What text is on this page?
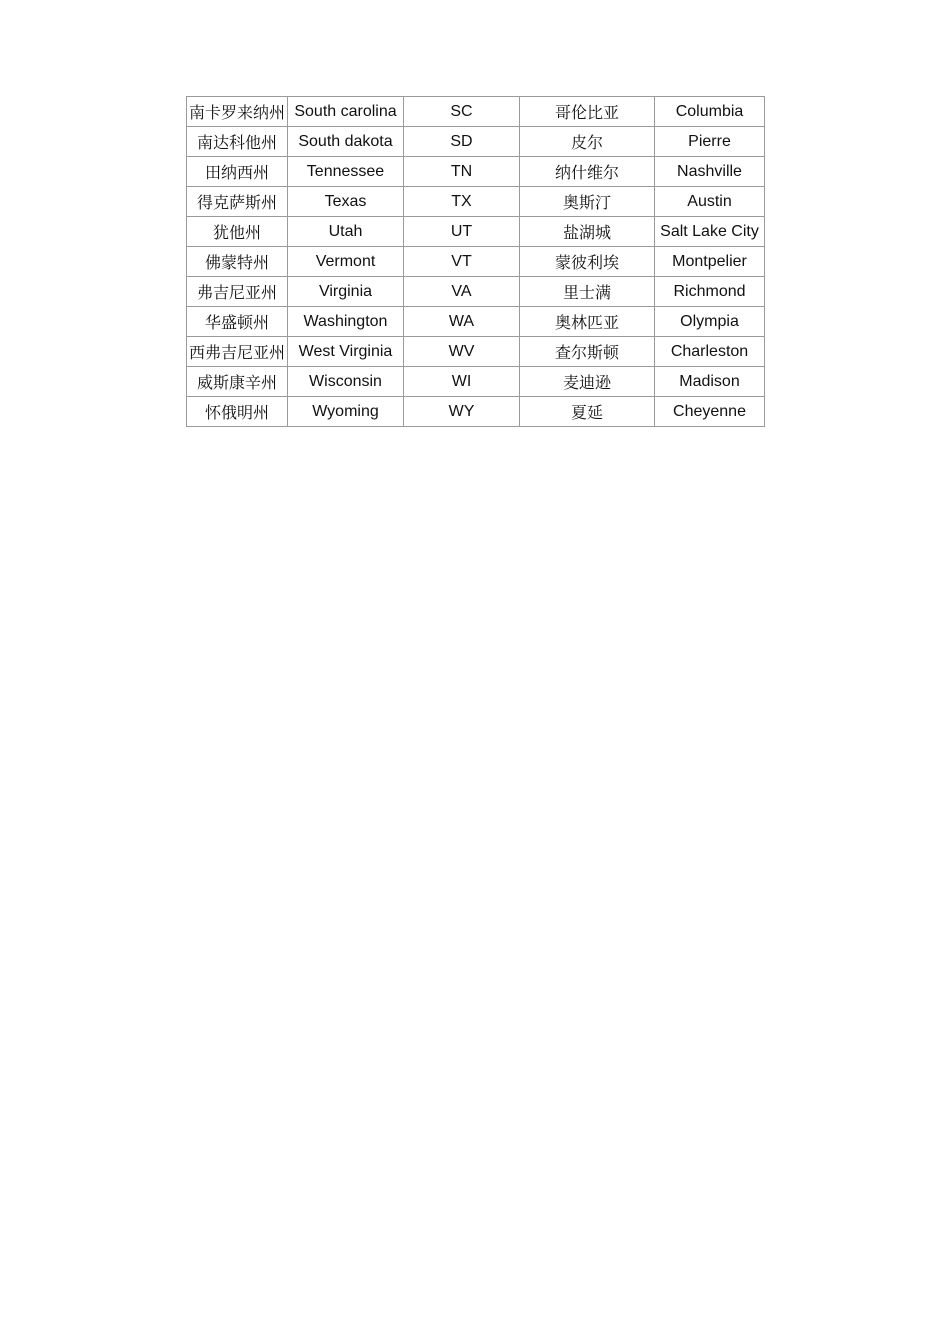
南卡罗来纳州	South carolina	SC	哥伦比亚	Columbia
南达科他州	South dakota	SD	皮尔	Pierre
田纳西州	Tennessee	TN	纳什维尔	Nashville
得克萨斯州	Texas	TX	奥斯汀	Austin
犹他州	Utah	UT	盐湖城	Salt Lake City
佛蒙特州	Vermont	VT	蒙彼利埃	Montpelier
弗吉尼亚州	Virginia	VA	里士满	Richmond
华盛顿州	Washington	WA	奥林匹亚	Olympia
西弗吉尼亚州	West Virginia	WV	查尔斯顿	Charleston
威斯康辛州	Wisconsin	WI	麦迪逊	Madison
怀俄明州	Wyoming	WY	夏延	Cheyenne
